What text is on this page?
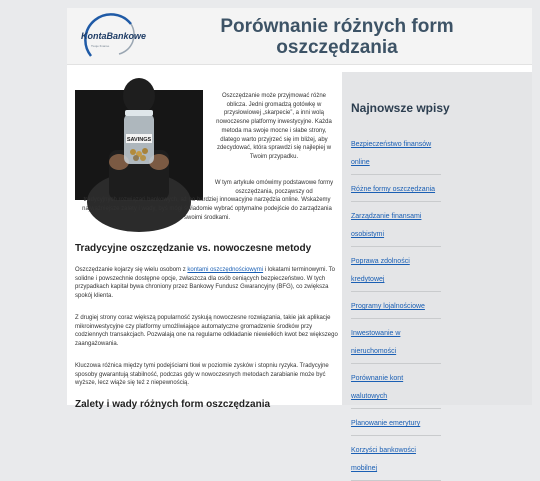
KontaBankowe
Twoje finanse
Porównanie różnych form oszczędzania
SAVINGS
Oszczędzanie może przyjmować różne oblicza. Jedni gromadzą gotówkę w przysłowiowej „skarpecie”, a inni wolą nowoczesne platformy inwestycyjne. Każda metoda ma swoje mocne i słabe strony, dlatego warto przyjrzeć się im bliżej, aby zdecydować, która sprawdzi się najlepiej w Twoim przypadku.
W tym artykule omówimy podstawowe formy oszczędzania, począwszy od
tradycyjnych rozwiązań bankowych, aż po bardziej innowacyjne narzędzia online. Wskażemy najważniejsze zalety i wady, byś mógł świadomie wybrać optymalne podejście do zarządzania swoimi środkami.
Tradycyjne oszczędzanie vs. nowoczesne metody

Oszczędzanie kojarzy się wielu osobom z kontami oszczędnościowymi i lokatami terminowymi. To solidne i powszechnie dostępne opcje, zwłaszcza dla osób ceniących bezpieczeństwo. W tych przypadkach kapitał bywa chroniony przez Bankowy Fundusz Gwarancyjny (BFG), co zwiększa spokój klienta.

Z drugiej strony coraz większą popularność zyskują nowoczesne rozwiązania, takie jak aplikacje mikroinwestycyjne czy platformy umożliwiające automatyczne gromadzenie środków przy codziennych transakcjach. Pozwalają one na regularne odkładanie niewielkich kwot bez większego zaangażowania.

Kluczowa różnica między tymi podejściami tkwi w poziomie zysków i stopniu ryzyka. Tradycyjne sposoby gwarantują stabilność, podczas gdy w nowoczesnych metodach zarabianie może być wyższe, lecz wiąże się też z niepewnością.

Zalety i wady różnych form oszczędzania
Najnowsze wpisy
Bezpieczeństwo finansów online
Różne formy oszczędzania
Zarządzanie finansami osobistymi
Poprawa zdolności kredytowej
Programy lojalnościowe
Inwestowanie w nieruchomości
Porównanie kont walutowych
Planowanie emerytury
Korzyści bankowości mobilnej
